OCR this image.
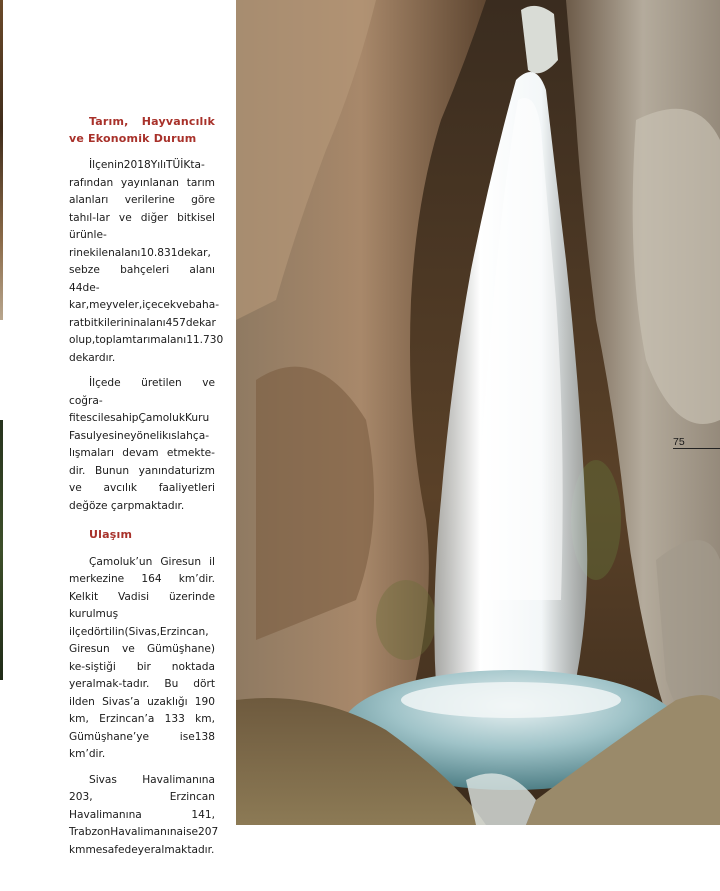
Tarım, Hayvancılık ve Ekonomik Durum

İlçenin2018YılıTÜİKta-rafından yayınlanan tarım alanları verilerine göre tahıl-lar ve diğer bitkisel ürünle-rinekilenalanı10.831dekar, sebze bahçeleri alanı 44de-kar,meyveler,içecekvebaha-ratbitkilerininalanı457dekar olup,toplamtarımalanı11.730 dekardır.

İlçede üretilen ve coğra-fitescilesahipÇamolukKuru Fasulyesineyönelikıslahça-lışmaları devam etmekte-dir. Bunun yanındaturizm ve avcılık faaliyetleri değöze çarpmaktadır.

Ulaşım

Çamoluk’un Giresun il merkezine 164 km’dir. Kelkit Vadisi üzerinde kurulmuş ilçedörtilin(Sivas,Erzincan, Giresun ve Gümüşhane) ke-siştiği bir noktada yeralmak-tadır. Bu dört ilden Sivas’a uzaklığı 190 km, Erzincan’a 133 km, Gümüşhane’ye ise138 km’dir.

Sivas Havalimanına 203, Erzincan Havalimanına 141, TrabzonHavalimanınaise207 kmmesafedeyeralmaktadır.

75
